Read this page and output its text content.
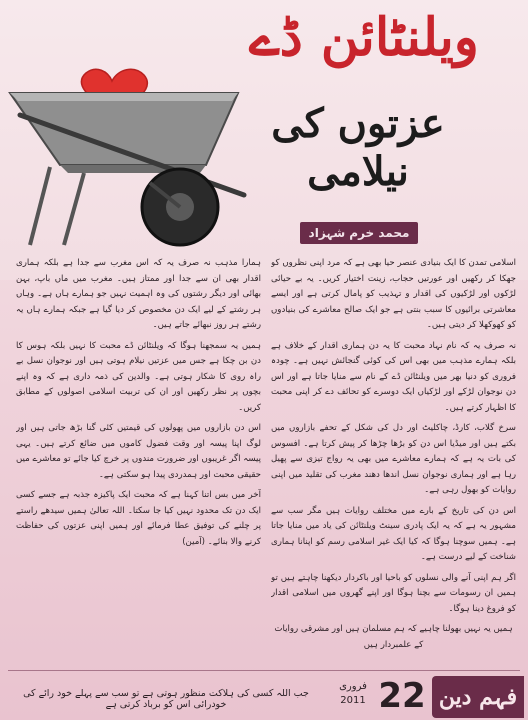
ویلنٹائن ڈے
عزتوں کی نیلامی
محمد خرم شہزاد

اسلامی تمدن کا ایک بنیادی عنصر حیا بھی ہے کہ مرد اپنی نظروں کو جھکا کر رکھیں اور عورتیں حجاب، زینت اختیار کریں۔ یہ بے حیائی لڑکوں اور لڑکیوں کی اقدار و تہذیب کو پامال کرتی ہے اور ایسے معاشرتی برائیوں کا سبب بنتی ہے جو ایک صالح معاشرے کی بنیادوں کو کھوکھلا کر دیتی ہیں۔

نہ صرف یہ کہ نام نہاد محبت کا یہ دن ہماری اقدار کے خلاف ہے بلکہ ہمارے مذہب میں بھی اس کی کوئی گنجائش نہیں ہے۔ چودہ فروری کو دنیا بھر میں ویلنٹائن ڈے کے نام سے منایا جاتا ہے اور اس دن نوجوان لڑکے اور لڑکیاں ایک دوسرے کو تحائف دے کر اپنی محبت کا اظہار کرتے ہیں۔

سرخ گلاب، کارڈ، چاکلیٹ اور دل کی شکل کے تحفے بازاروں میں بکتے ہیں اور میڈیا اس دن کو بڑھا چڑھا کر پیش کرتا ہے۔ افسوس کی بات یہ ہے کہ ہمارے معاشرے میں بھی یہ رواج تیزی سے پھیل رہا ہے اور ہماری نوجوان نسل اندھا دھند مغرب کی تقلید میں اپنی روایات کو بھول رہی ہے۔

اس دن کی تاریخ کے بارے میں مختلف روایات ہیں مگر سب سے مشہور یہ ہے کہ یہ ایک پادری سینٹ ویلنٹائن کی یاد میں منایا جاتا ہے۔ ہمیں سوچنا ہوگا کہ کیا ایک غیر اسلامی رسم کو اپنانا ہماری شناخت کے لیے درست ہے۔

اگر ہم اپنی آنے والی نسلوں کو باحیا اور باکردار دیکھنا چاہتے ہیں تو ہمیں ان رسومات سے بچنا ہوگا اور اپنے گھروں میں اسلامی اقدار کو فروغ دینا ہوگا۔

ہمیں یہ نہیں بھولنا چاہیے کہ ہم مسلمان ہیں اور مشرقی روایات کے علمبردار ہیں

ہمارا مذہب نہ صرف یہ کہ اس مغرب سے جدا ہے بلکہ ہماری اقدار بھی ان سے جدا اور ممتاز ہیں۔ مغرب میں ماں باپ، بہن بھائی اور دیگر رشتوں کی وہ اہمیت نہیں جو ہمارے ہاں ہے۔ وہاں ہر رشتے کے لیے ایک دن مخصوص کر دیا گیا ہے جبکہ ہمارے ہاں یہ رشتے ہر روز نبھائے جاتے ہیں۔

ہمیں یہ سمجھنا ہوگا کہ ویلنٹائن ڈے محبت کا نہیں بلکہ ہوس کا دن بن چکا ہے جس میں عزتیں نیلام ہوتی ہیں اور نوجوان نسل بے راہ روی کا شکار ہوتی ہے۔ والدین کی ذمہ داری ہے کہ وہ اپنے بچوں پر نظر رکھیں اور ان کی تربیت اسلامی اصولوں کے مطابق کریں۔

اس دن بازاروں میں پھولوں کی قیمتیں کئی گنا بڑھ جاتی ہیں اور لوگ اپنا پیسہ اور وقت فضول کاموں میں ضائع کرتے ہیں۔ یہی پیسہ اگر غریبوں اور ضرورت مندوں پر خرچ کیا جائے تو معاشرے میں حقیقی محبت اور ہمدردی پیدا ہو سکتی ہے۔

آخر میں بس اتنا کہنا ہے کہ محبت ایک پاکیزہ جذبہ ہے جسے کسی ایک دن تک محدود نہیں کیا جا سکتا۔ اللہ تعالیٰ ہمیں سیدھے راستے پر چلنے کی توفیق عطا فرمائے اور ہمیں اپنی عزتوں کی حفاظت کرنے والا بنائے۔ (آمین)

جب اللہ کسی کی ہلاکت منظور ہوتی ہے تو سب سے پہلے خود رائے کی خودرائی اس کو برباد کرتی ہے
فروری
2011 22 فہم دین
